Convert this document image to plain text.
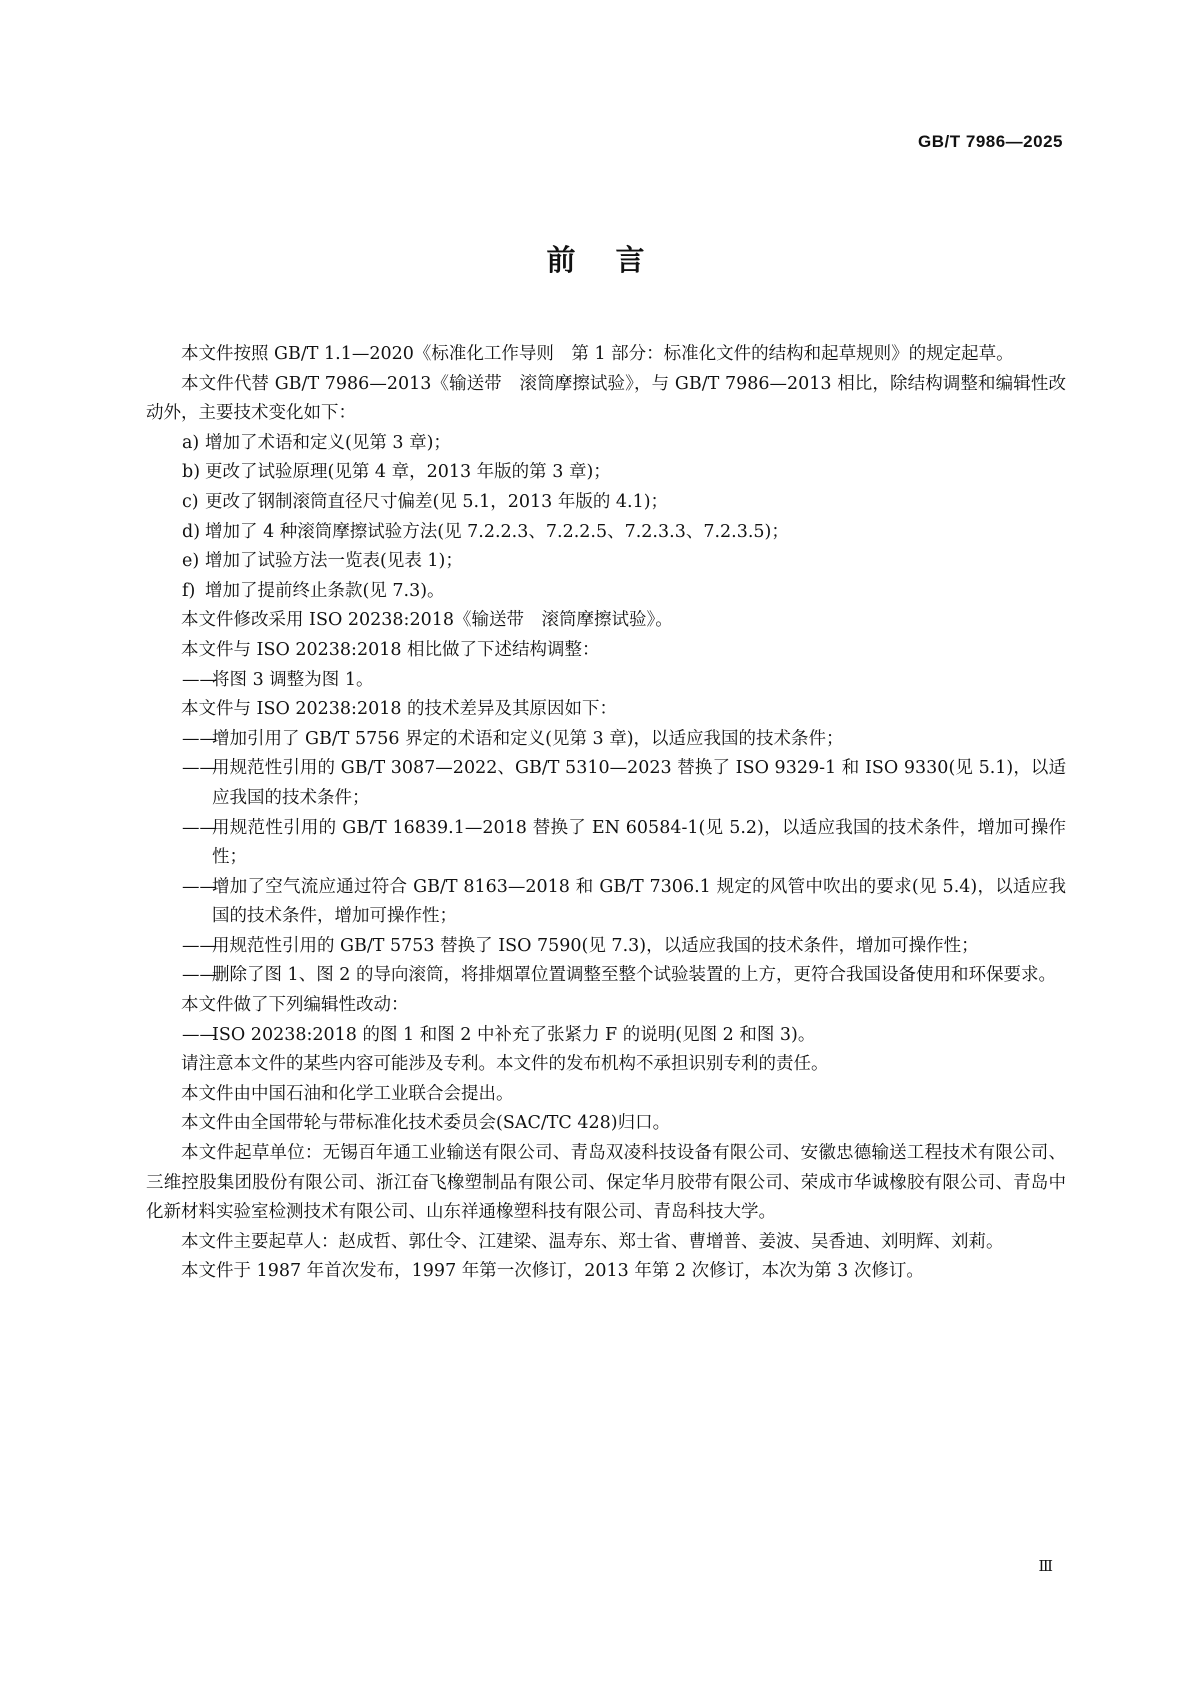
GB/T 7986—2025
前言

本文件按照 GB/T 1.1—2020《标准化工作导则　第 1 部分：标准化文件的结构和起草规则》的规定起草。

本文件代替 GB/T 7986—2013《输送带　滚筒摩擦试验》，与 GB/T 7986—2013 相比，除结构调整和编辑性改动外，主要技术变化如下：

a) 增加了术语和定义(见第 3 章)；

b) 更改了试验原理(见第 4 章，2013 年版的第 3 章)；

c) 更改了钢制滚筒直径尺寸偏差(见 5.1，2013 年版的 4.1)；

d) 增加了 4 种滚筒摩擦试验方法(见 7.2.2.3、7.2.2.5、7.2.3.3、7.2.3.5)；

e) 增加了试验方法一览表(见表 1)；

f) 增加了提前终止条款(见 7.3)。

本文件修改采用 ISO 20238:2018《输送带　滚筒摩擦试验》。

本文件与 ISO 20238:2018 相比做了下述结构调整：

——
将图 3 调整为图 1。

本文件与 ISO 20238:2018 的技术差异及其原因如下：

——
增加引用了 GB/T 5756 界定的术语和定义(见第 3 章)，以适应我国的技术条件；

——
用规范性引用的 GB/T 3087—2022、GB/T 5310—2023 替换了 ISO 9329-1 和 ISO 9330(见 5.1)，以适应我国的技术条件；

——
用规范性引用的 GB/T 16839.1—2018 替换了 EN 60584-1(见 5.2)，以适应我国的技术条件，增加可操作性；

——
增加了空气流应通过符合 GB/T 8163—2018 和 GB/T 7306.1 规定的风管中吹出的要求(见 5.4)，以适应我国的技术条件，增加可操作性；

——
用规范性引用的 GB/T 5753 替换了 ISO 7590(见 7.3)，以适应我国的技术条件，增加可操作性；

——
删除了图 1、图 2 的导向滚筒，将排烟罩位置调整至整个试验装置的上方，更符合我国设备使用和环保要求。

本文件做了下列编辑性改动：

——
ISO 20238:2018 的图 1 和图 2 中补充了张紧力 F 的说明(见图 2 和图 3)。

请注意本文件的某些内容可能涉及专利。本文件的发布机构不承担识别专利的责任。

本文件由中国石油和化学工业联合会提出。

本文件由全国带轮与带标准化技术委员会(SAC/TC 428)归口。

本文件起草单位：无锡百年通工业输送有限公司、青岛双凌科技设备有限公司、安徽忠德输送工程技术有限公司、三维控股集团股份有限公司、浙江奋飞橡塑制品有限公司、保定华月胶带有限公司、荣成市华诚橡胶有限公司、青岛中化新材料实验室检测技术有限公司、山东祥通橡塑科技有限公司、青岛科技大学。

本文件主要起草人：赵成哲、郭仕令、江建梁、温寿东、郑士省、曹增普、姜波、吴香迪、刘明辉、刘莉。

本文件于 1987 年首次发布，1997 年第一次修订，2013 年第 2 次修订，本次为第 3 次修订。

Ⅲ
